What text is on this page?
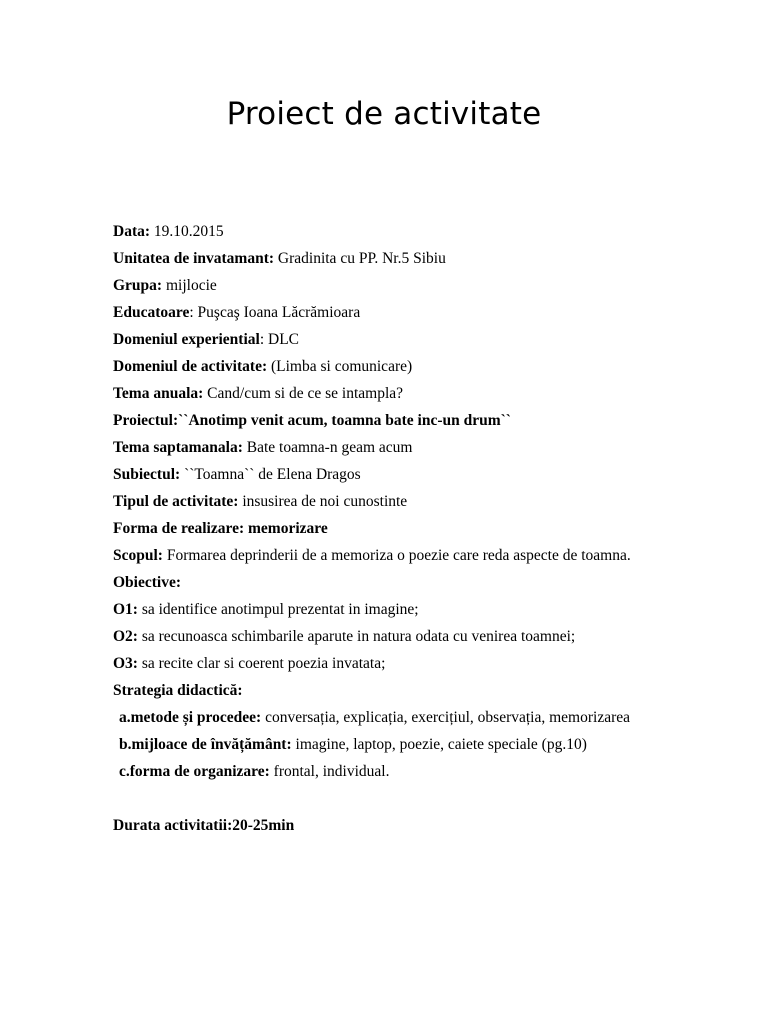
Proiect de activitate
Data: 19.10.2015
Unitatea de invatamant: Gradinita cu PP. Nr.5 Sibiu
Grupa: mijlocie
Educatoare: Puşcaş Ioana Lăcrămioara
Domeniul experiential: DLC
Domeniul de activitate: (Limba si comunicare)
Tema anuala: Cand/cum si de ce se intampla?
Proiectul:``Anotimp venit acum, toamna bate inc-un drum``
Tema saptamanala: Bate toamna-n geam acum
Subiectul: ``Toamna`` de Elena Dragos
Tipul de activitate: insusirea de noi cunostinte
Forma de realizare: memorizare
Scopul: Formarea deprinderii de a memoriza o poezie care reda aspecte de toamna.
Obiective:
O1: sa identifice anotimpul prezentat in imagine;
O2: sa recunoasca schimbarile aparute in natura odata cu venirea toamnei;
O3: sa recite clar si coerent poezia invatata;
Strategia didactică:
a.metode și procedee: conversația, explicația, exercițiul, observația, memorizarea
b.mijloace de învățământ: imagine, laptop, poezie, caiete speciale (pg.10)
c.forma de organizare: frontal, individual.
Durata activitatii:20-25min
